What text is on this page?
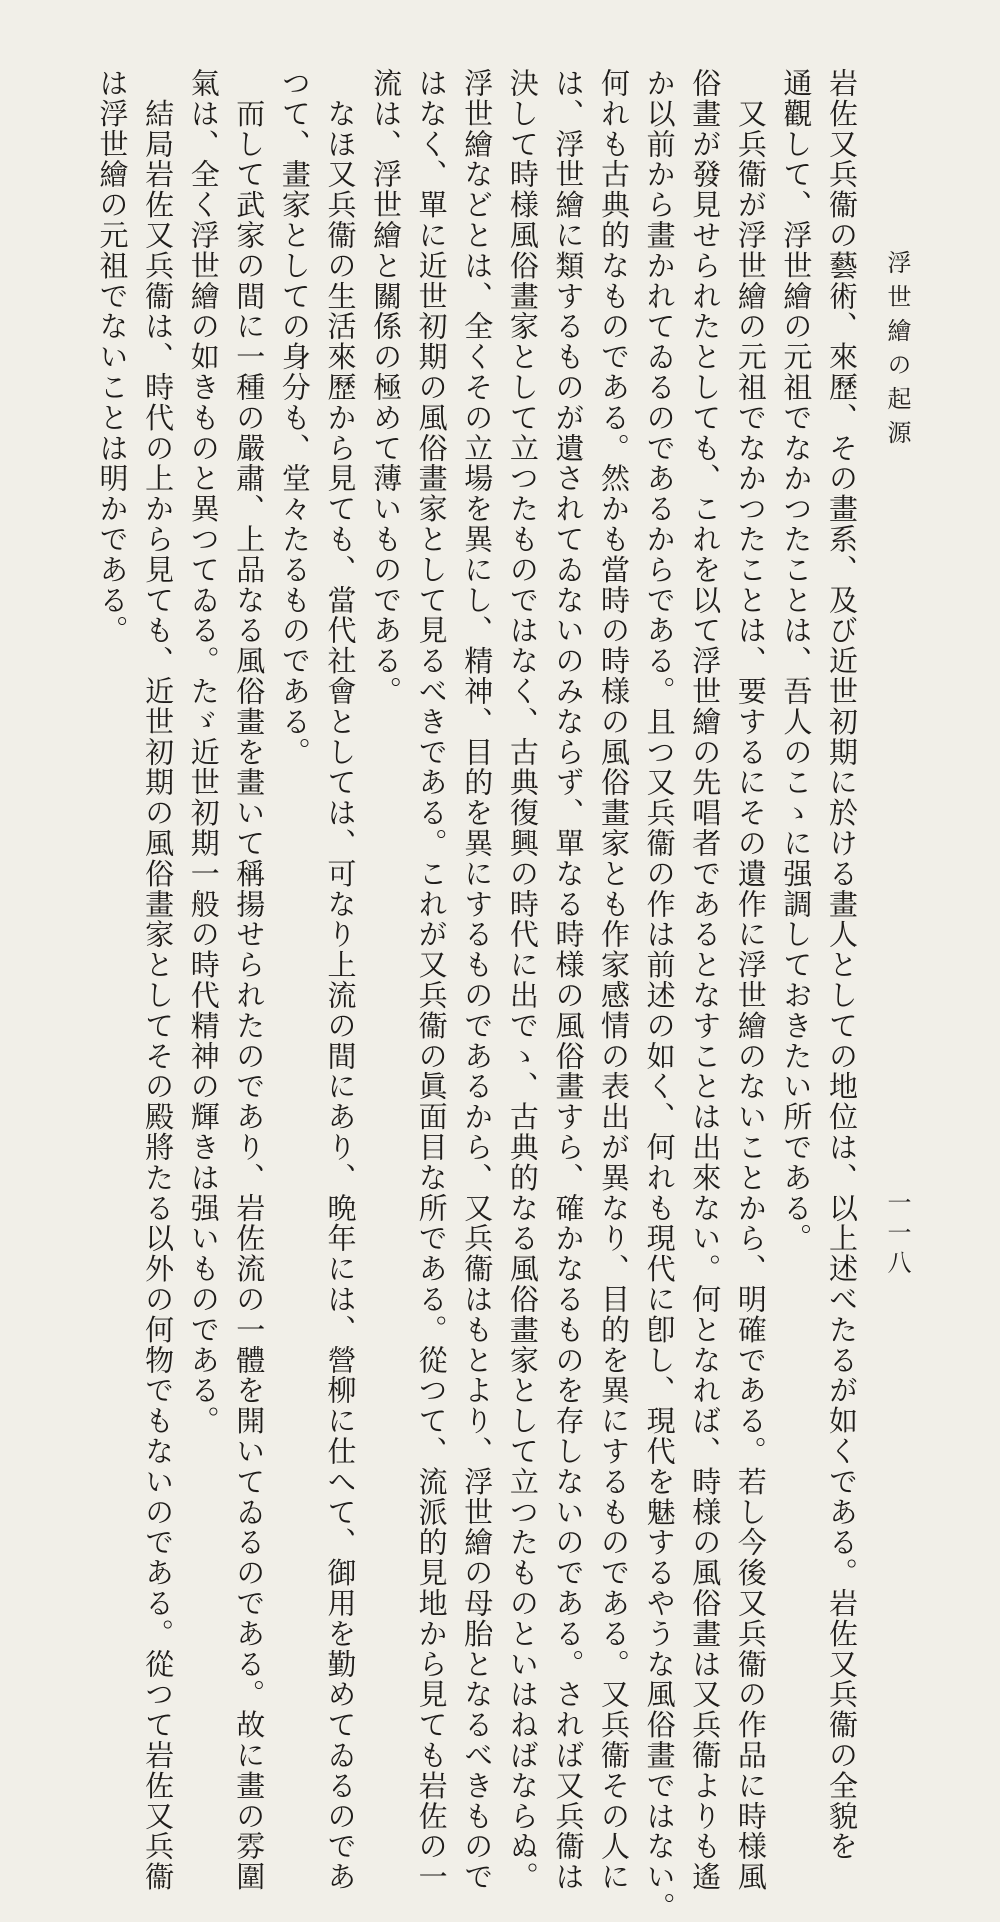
浮世繪の起源
一一八
岩佐又兵衞の藝術、來歷、その畫系、及び近世初期に於ける畫人としての地位は、以上述べたるが如くである。岩佐又兵衞の全貌を
通觀して、浮世繪の元祖でなかつたことは、吾人のこゝに强調しておきたい所である。
　又兵衞が浮世繪の元祖でなかつたことは、要するにその遺作に浮世繪のないことから、明確である。若し今後又兵衞の作品に時様風
俗畫が發見せられたとしても、これを以て浮世繪の先唱者であるとなすことは出來ない。何となれば、時様の風俗畫は又兵衞よりも遙
か以前から畫かれてゐるのであるからである。且つ又兵衞の作は前述の如く、何れも現代に卽し、現代を魅するやうな風俗畫ではない。
何れも古典的なものである。然かも當時の時様の風俗畫家とも作家感情の表出が異なり、目的を異にするものである。又兵衞その人に
は、浮世繪に類するものが遺されてゐないのみならず、單なる時様の風俗畫すら、確かなるものを存しないのである。されば又兵衞は
決して時様風俗畫家として立つたものではなく、古典復興の時代に出でゝ、古典的なる風俗畫家として立つたものといはねばならぬ。
浮世繪などとは、全くその立場を異にし、精神、目的を異にするものであるから、又兵衞はもとより、浮世繪の母胎となるべきもので
はなく、單に近世初期の風俗畫家として見るべきである。これが又兵衞の眞面目な所である。從つて、流派的見地から見ても岩佐の一
流は、浮世繪と關係の極めて薄いものである。
　なほ又兵衞の生活來歷から見ても、當代社會としては、可なり上流の間にあり、晩年には、營柳に仕へて、御用を勤めてゐるのであ
つて、畫家としての身分も、堂々たるものである。
　而して武家の間に一種の嚴肅、上品なる風俗畫を畫いて稱揚せられたのであり、岩佐流の一體を開いてゐるのである。故に畫の雰圍
氣は、全く浮世繪の如きものと異つてゐる。たゞ近世初期一般の時代精神の輝きは强いものである。
　結局岩佐又兵衞は、時代の上から見ても、近世初期の風俗畫家としてその殿將たる以外の何物でもないのである。從つて岩佐又兵衞
は浮世繪の元祖でないことは明かである。
